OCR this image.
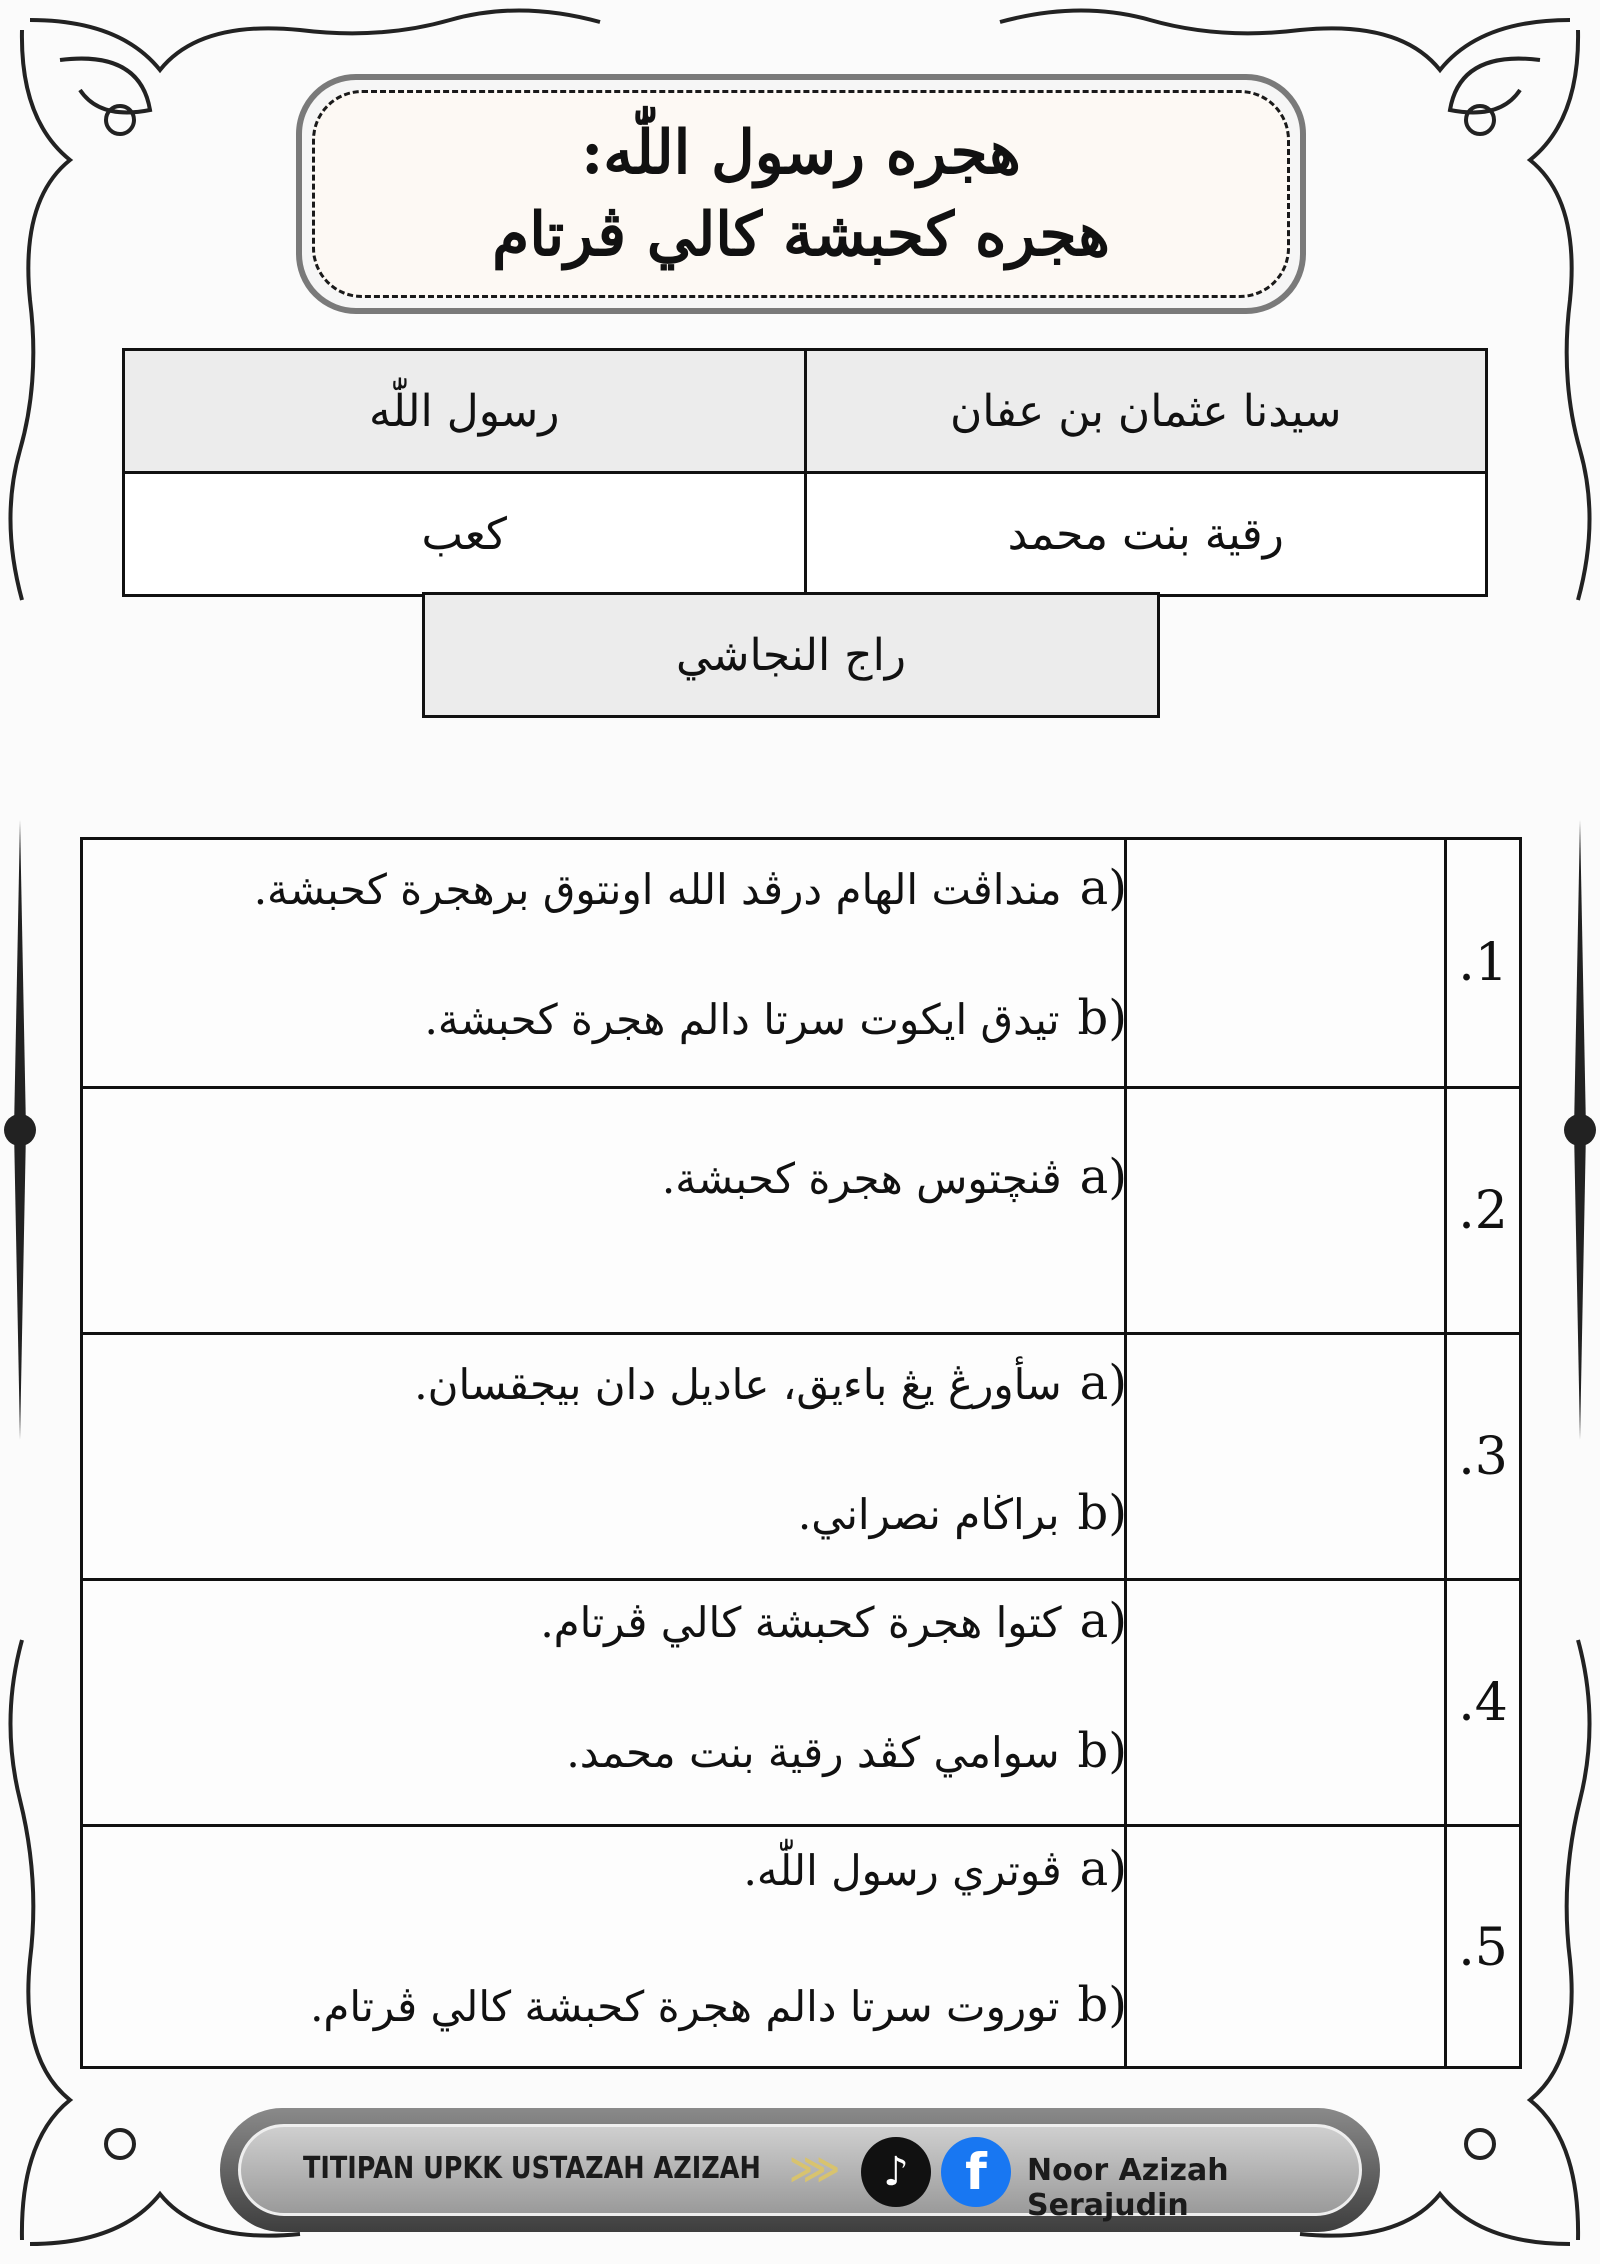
هجره رسول اللّٰه:
هجره كحبشة كالي ڤرتام
سيدنا عثمان بن عفان	رسول اللّٰه
رقية بنت محمد	كعب
راج النجاشي
.1
a)منداڤت الهام درڤد الله اونتوق برهجرة كحبشة.
b)تيدق ايكوت سرتا دالم هجرة كحبشة.
.2
a)ڤنچتوس هجرة كحبشة.
.3
a)سأورڠ يڠ باءيق، عاديل دان بيجقسان.
b)براڬام نصراني.
.4
a)كتوا هجرة كحبشة كالي ڤرتام.
b)سوامي كڤد رقية بنت محمد.
.5
a)ڤوتري رسول اللّٰه.
b)توروت سرتا دالم هجرة كحبشة كالي ڤرتام.
TITIPAN UPKK USTAZAH AZIZAH ⋙	♪	f	Noor Azizah Serajudin
